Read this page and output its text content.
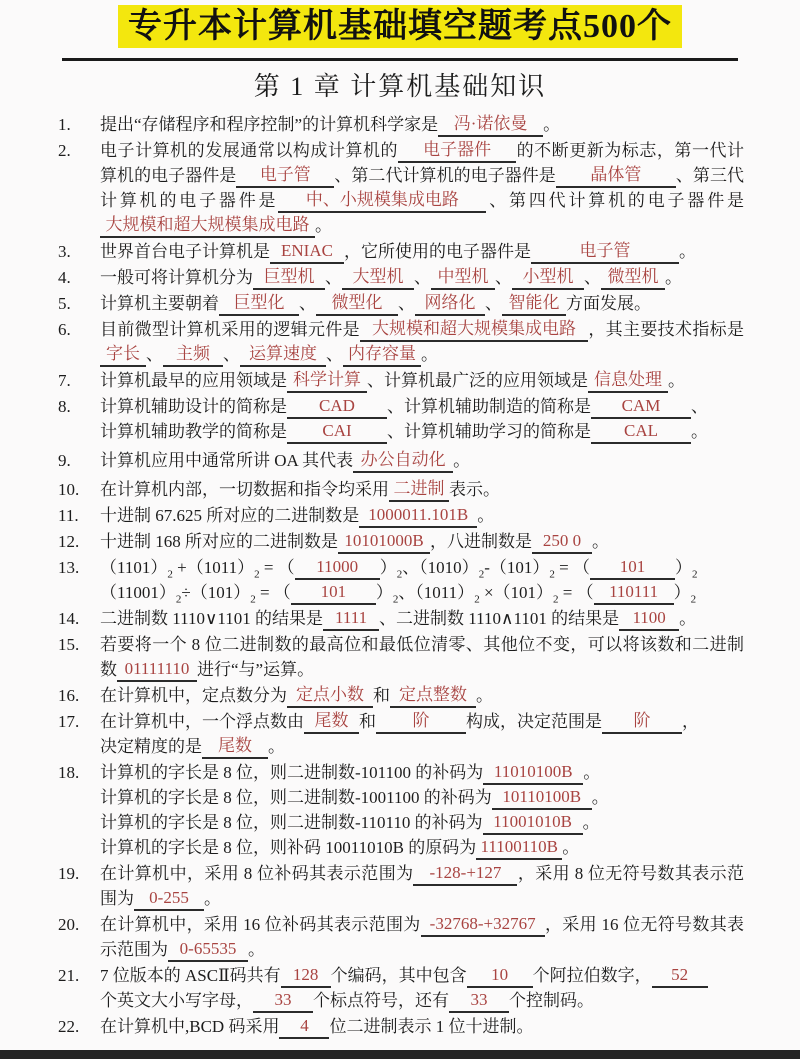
专升本计算机基础填空题考点500个
第 1 章 计算机基础知识
1.	提出“存储程序和程序控制”的计算机科学家是 冯·诺依曼 。
2.	电子计算机的发展通常以构成计算机的 电子器件 的不断更新为标志，第一代计算机的电子器件是 电子管 、第二代计算机的电子器件是 晶体管 、第三代计算机的电子器件是 中、小规模集成电路 、第四代计算机的电子器件是大规模和超大规模集成电路 。
3.	世界首台电子计算机是 ENIAC ，它所使用的电子器件是	电子管	。
4.	一般可将计算机分为 巨型机 、 大型机 、 中型机 、 小型机 、 微型机 。
5.	计算机主要朝着 巨型化 、 微型化 、 网络化 、 智能化 方面发展。
6.	目前微型计算机采用的逻辑元件是 大规模和超大规模集成电路 ，其主要技术指标是字长 、 主频 、 运算速度 、 内存容量 。
7.	计算机最早的应用领域是 科学计算 、计算机最广泛的应用领域是 信息处理 。
8.	计算机辅助设计的简称是 CAD 、计算机辅助制造的简称是 CAM 、
计算机辅助教学的简称是 CAI 、计算机辅助学习的简称是 CAL 。
9.	计算机应用中通常所讲 OA 其代表 办公自动化 。
10.	在计算机内部，一切数据和指令均采用 二进制 表示。
11.	十进制 67.625 所对应的二进制数是 1000011.101B 。
12.	十进制 168 所对应的二进制数是 10101000B ，八进制数是 250 0 。
13.	$(1101)_2 +(1011)_2$ = （ 11000 ）$_2$、$(1010)_2-(101)_2$ = （ 101 ）$_2$
$(11001)_2\div(101)_2$ = （ 101 ）$_2$、$(1011)_2 \times(101)_2$ = （ 110111 ）$_2$
14.	二进制数 1110∨1101 的结果是 1111 、二进制数 1110∧1101 的结果是 1100 。
15.	若要将一个 8 位二进制数的最高位和最低位清零、其他位不变，可以将该数和二进制数 01111110 进行“与”运算。
16.	在计算机中，定点数分为 定点小数 和 定点整数 。
17.	在计算机中，一个浮点数由 尾数 和 阶 构成，决定范围是 阶 ，
决定精度的是 尾数 。
18.	计算机的字长是 8 位，则二进制数-101100 的补码为 11010100B 。
计算机的字长是 8 位，则二进制数-1001100 的补码为 10110100B 。
计算机的字长是 8 位，则二进制数-110110 的补码为 11001010B 。
计算机的字长是 8 位，则补码 10011010B 的原码为 11100110B 。
19.	在计算机中，采用 8 位补码其表示范围为 -128-+127 ，采用 8 位无符号数其表示范围为 0-255 。
20.	在计算机中，采用 16 位补码其表示范围为 -32768-+32767 ，采用 16 位无符号数其表示范围为 0-65535 。
21.	7 位版本的 ASCⅡ码共有 128 个编码，其中包含 10 个阿拉伯数字， 52
个英文大小写字母， 33 个标点符号，还有 33 个控制码。
22.	在计算机中,BCD 码采用 4 位二进制表示 1 位十进制。
